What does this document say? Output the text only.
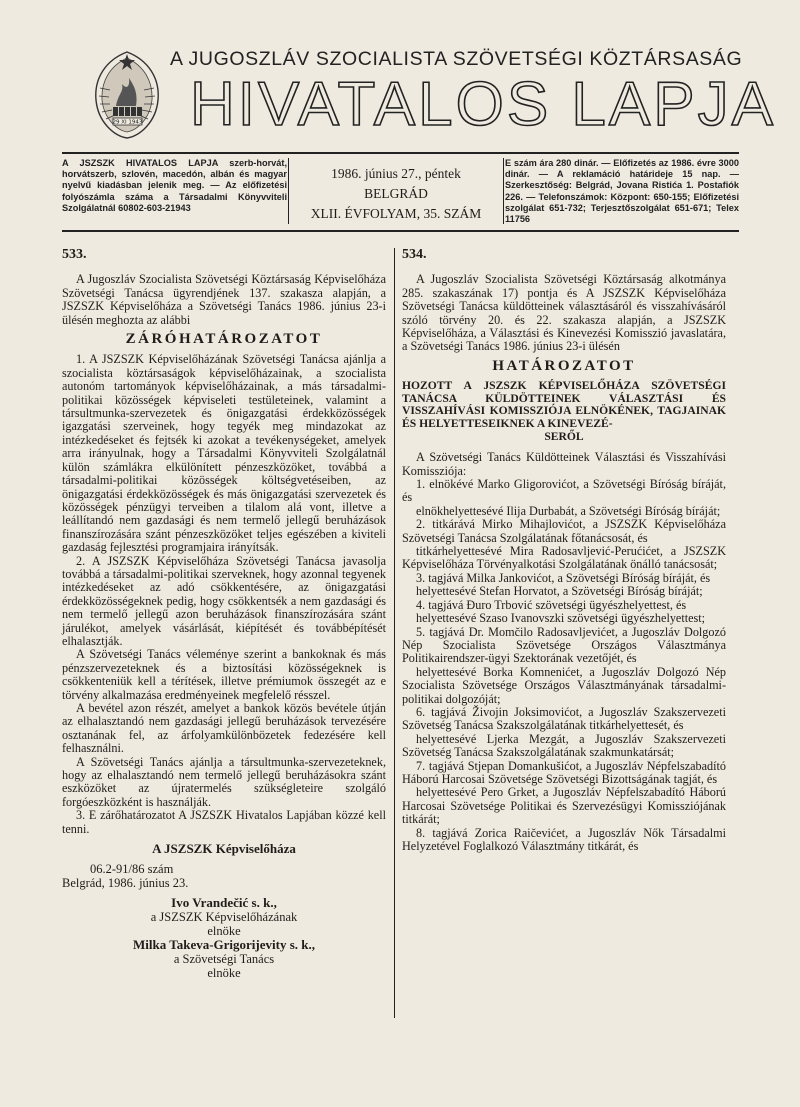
29 XI 1943
A JUGOSZLÁV SZOCIALISTA SZÖVETSÉGI KÖZTÁRSASÁG
HIVATALOS LAPJA
A JSZSZK HIVATALOS LAPJA szerb-horvát, horvátszerb, szlovén, macedón, albán és magyar nyelvű kiadásban jelenik meg. — Az előfizetési folyószámla száma a Társadalmi Könyvviteli Szolgálatnál 60802-603-21943
1986. június 27., péntek
BELGRÁD
XLII. ÉVFOLYAM, 35. SZÁM
E szám ára 280 dinár. — Előfizetés az 1986. évre 3000 dinár. — A reklamáció határideje 15 nap. — Szerkesztőség: Belgrád, Jovana Ristića 1. Postafiók 226. — Telefonszámok: Központ: 650-155; Előfizetési szolgálat 651-732; Terjesztőszolgálat 651-671; Telex 11756
533.

A Jugoszláv Szocialista Szövetségi Köztársaság Képviselőháza Szövetségi Tanácsa ügyrendjének 137. szakasza alapján, a JSZSZK Képviselőháza a Szövetségi Tanács 1986. június 23-i ülésén meghozta az alábbi

ZÁRÓHATÁROZATOT

1. A JSZSZK Képviselőházának Szövetségi Tanácsa ajánlja a szocialista köztársaságok képviselőházainak, a szocialista autonóm tartományok képviselőházainak, a más társadalmi-politikai közösségek képviseleti testületeinek, valamint a társultmunka-szervezetek és önigazgatási érdekközösségek igazgatási szerveinek, hogy tegyék meg mindazokat az intézkedéseket és fejtsék ki azokat a tevékenységeket, amelyek arra irányulnak, hogy a Társadalmi Könyvviteli Szolgálatnál külön számlákra elkülönített pénzeszközöket, továbbá a társadalmi-politikai közösségek költségvetéseiben, az önigazgatási érdekközösségek és más önigazgatási szervezetek és közösségek pénzügyi terveiben a tilalom alá vont, illetve a leállítandó nem gazdasági és nem termelő jellegű beruházások finanszírozására szánt pénzeszközöket teljes egészében a kiviteli gazdaság fejlesztési programjaira irányítsák.

2. A JSZSZK Képviselőháza Szövetségi Tanácsa javasolja továbbá a társadalmi-politikai szerveknek, hogy azonnal tegyenek intézkedéseket az adó csökkentésére, az önigazgatási érdekközösségeknek pedig, hogy csökkentsék a nem gazdasági és nem termelő jellegű azon beruházások finanszírozására szánt járulékot, amelyek vásárlását, kiépítését és továbbépítését elhalasztják.

A Szövetségi Tanács véleménye szerint a bankoknak és más pénzszervezeteknek és a biztosítási közösségeknek is csökkenteniük kell a térítések, illetve prémiumok összegét az e törvény alkalmazása eredményeinek megfelelő résszel.

A bevétel azon részét, amelyet a bankok közös bevétele útján az elhalasztandó nem gazdasági jellegű beruházások tervezésére osztanának fel, az árfolyamkülönbözetek fedezésére kell felhasználni.

A Szövetségi Tanács ajánlja a társultmunka-szervezeteknek, hogy az elhalasztandó nem termelő jellegű beruházásokra szánt eszközöket az újratermelés szükségleteire szolgáló forgóeszközként is használják.

3. E zárőhatározatot A JSZSZK Hivatalos Lapjában közzé kell tenni.

A JSZSZK Képviselőháza
06.2-91/86 szám
Belgrád, 1986. június 23.
Ivo Vrandečić s. k.,
a JSZSZK Képviselőházának
elnöke
Milka Takeva-Grigorijevity s. k.,
a Szövetségi Tanács
elnöke
534.

A Jugoszláv Szocialista Szövetségi Köztársaság alkotmánya 285. szakaszának 17) pontja és A JSZSZK Képviselőháza Szövetségi Tanácsa küldötteinek választásáról és visszahívásáról szóló törvény 20. és 22. szakasza alapján, a JSZSZK Képviselőháza, a Választási és Kinevezési Komisszió javaslatára, a Szövetségi Tanács 1986. június 23-i ülésén

HATÁROZATOT
HOZOTT A JSZSZK KÉPVISELŐHÁZA SZÖVETSÉGI TANÁCSA KÜLDÖTTEINEK VÁLASZTÁSI ÉS VISSZAHÍVÁSI KOMISSZIÓJA ELNÖKÉNEK, TAGJAINAK ÉS HELYETTESEIKNEK A KINEVEZÉ-
SERŐL

A Szövetségi Tanács Küldötteinek Választási és Visszahívási Komissziója:

1. elnökévé Marko Gligorovićot, a Szövetségi Bíróság bíráját, és

elnökhelyettesévé Ilija Durbabát, a Szövetségi Bíróság bíráját;

2. titkárává Mirko Mihajlovićot, a JSZSZK Képviselőháza Szövetségi Tanácsa Szolgálatának főtanácsosát, és

titkárhelyettesévé Mira Radosavljević-Perućićet, a JSZSZK Képviselőháza Törvényalkotási Szolgálatának önálló tanácsosát;

3. tagjává Milka Jankovićot, a Szövetségi Bíróság bíráját, és

helyettesévé Stefan Horvatot, a Szövetségi Bíróság bíráját;

4. tagjává Đuro Trbović szövetségi ügyészhelyettest, és

helyettesévé Szaso Ivanovszki szövetségi ügyészhelyettest;

5. tagjává Dr. Momčilo Radosavljevićet, a Jugoszláv Dolgozó Nép Szocialista Szövetsége Országos Választmánya Politikairendszer-ügyi Szektorának vezetőjét, és

helyettesévé Borka Komnenićet, a Jugoszláv Dolgozó Nép Szocialista Szövetsége Országos Választmányának társadalmi-politikai dolgozóját;

6. tagjává Živojin Joksimovićot, a Jugoszláv Szakszervezeti Szövetség Tanácsa Szakszolgálatának titkárhelyettesét, és

helyettesévé Ljerka Mezgát, a Jugoszláv Szakszervezeti Szövetség Tanácsa Szakszolgálatának szakmunkatársát;

7. tagjává Stjepan Domankušićot, a Jugoszláv Népfelszabadító Háború Harcosai Szövetsége Szövetségi Bizottságának tagját, és

helyettesévé Pero Grket, a Jugoszláv Népfelszabadító Háború Harcosai Szövetsége Politikai és Szervezésügyi Komissziójának titkárát;

8. tagjává Zorica Raičevićet, a Jugoszláv Nők Társadalmi Helyzetével Foglalkozó Választmány titkárát, és
